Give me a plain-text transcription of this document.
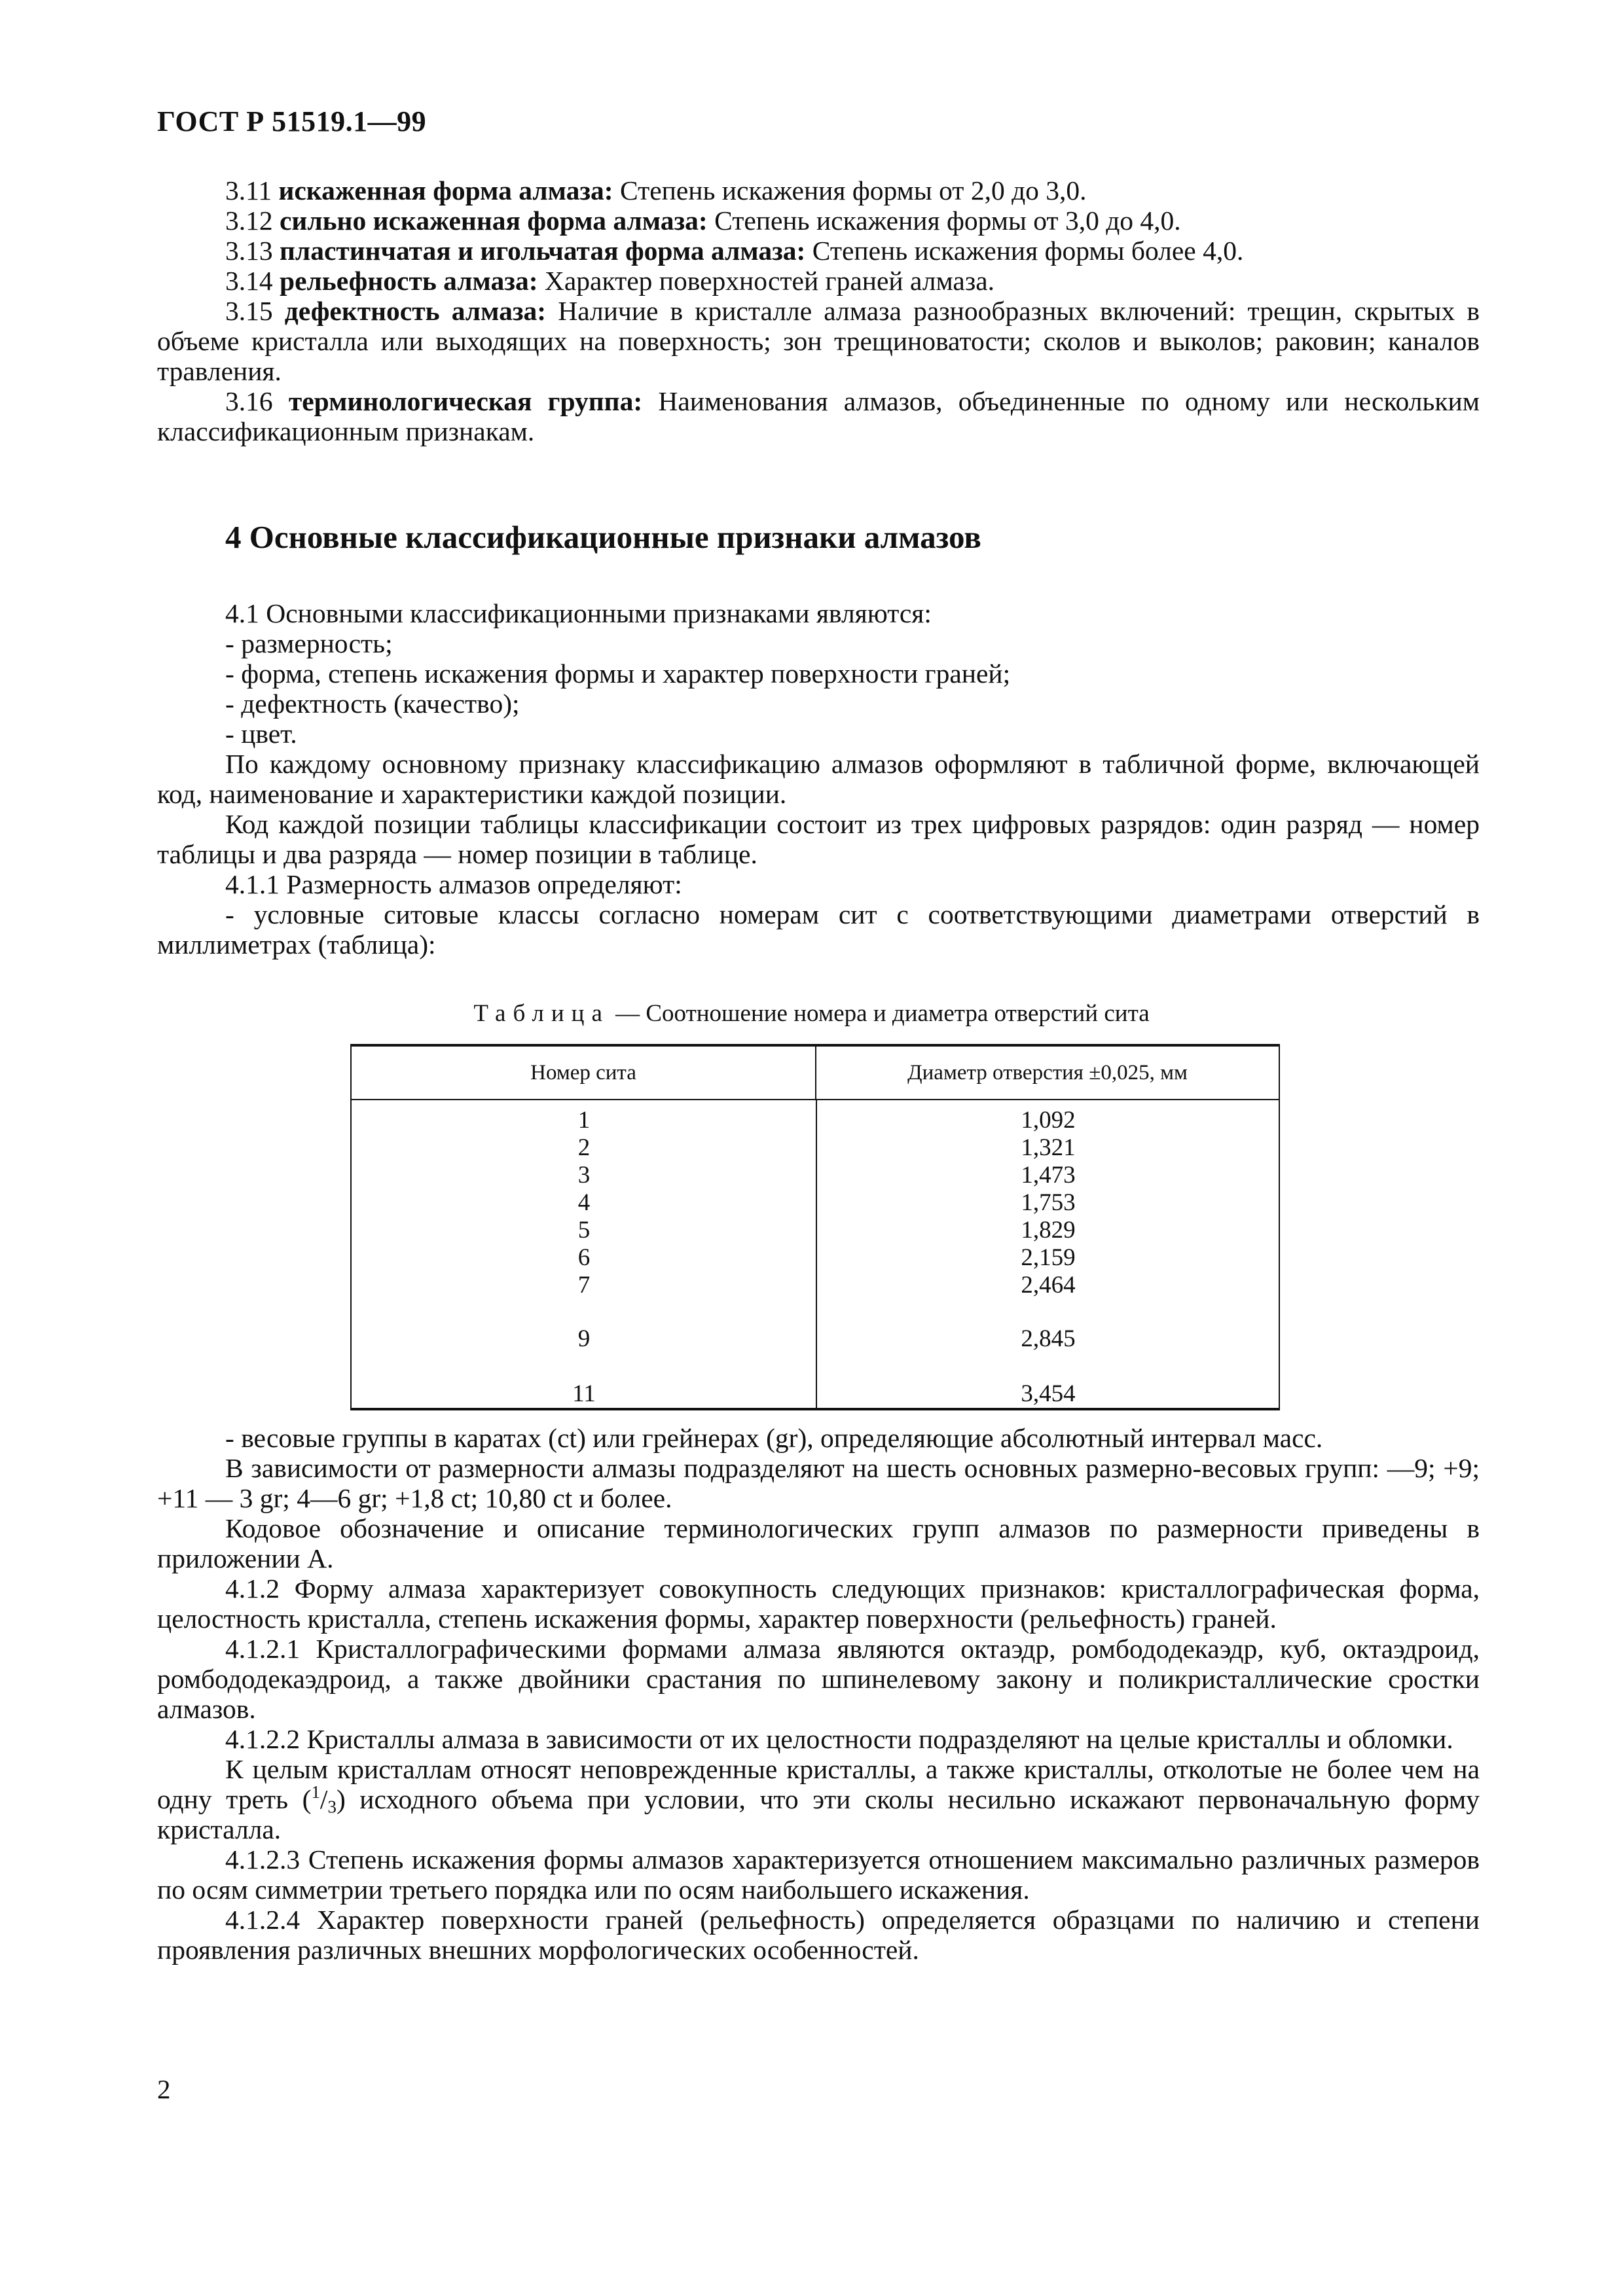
ГОСТ Р 51519.1—99

3.11 искаженная форма алмаза: Степень искажения формы от 2,0 до 3,0.

3.12 сильно искаженная форма алмаза: Степень искажения формы от 3,0 до 4,0.

3.13 пластинчатая и игольчатая форма алмаза: Степень искажения формы более 4,0.

3.14 рельефность алмаза: Характер поверхностей граней алмаза.

3.15 дефектность алмаза: Наличие в кристалле алмаза разнообразных включений: трещин, скрытых в объеме кристалла или выходящих на поверхность; зон трещиноватости; сколов и выколов; раковин; каналов травления.

3.16 терминологическая группа: Наименования алмазов, объединенные по одному или нескольким классификационным признакам.

4 Основные классификационные признаки алмазов

4.1 Основными классификационными признаками являются:

- размерность;

- форма, степень искажения формы и характер поверхности граней;

- дефектность (качество);

- цвет.

По каждому основному признаку классификацию алмазов оформляют в табличной форме, включающей код, наименование и характеристики каждой позиции.

Код каждой позиции таблицы классификации состоит из трех цифровых разрядов: один разряд — номер таблицы и два разряда — номер позиции в таблице.

4.1.1 Размерность алмазов определяют:

- условные ситовые классы согласно номерам сит с соответствующими диаметрами отверстий в миллиметрах (таблица):

Таблица — Соотношение номера и диаметра отверстий сита
Номер сита	Диаметр отверстия ±0,025, мм
1	1,092
2	1,321
3	1,473
4	1,753
5	1,829
6	2,159
7	2,464
9	2,845
11	3,454

- весовые группы в каратах (ct) или грейнерах (gr), определяющие абсолютный интервал масс.

В зависимости от размерности алмазы подразделяют на шесть основных размерно-весовых групп: —9; +9; +11 — 3 gr; 4—6 gr; +1,8 ct; 10,80 ct и более.

Кодовое обозначение и описание терминологических групп алмазов по размерности приведены в приложении А.

4.1.2 Форму алмаза характеризует совокупность следующих признаков: кристаллографическая форма, целостность кристалла, степень искажения формы, характер поверхности (рельефность) граней.

4.1.2.1 Кристаллографическими формами алмаза являются октаэдр, ромбододекаэдр, куб, октаэдроид, ромбододекаэдроид, а также двойники срастания по шпинелевому закону и поликристаллические сростки алмазов.

4.1.2.2 Кристаллы алмаза в зависимости от их целостности подразделяют на целые кристаллы и обломки.

К целым кристаллам относят неповрежденные кристаллы, а также кристаллы, отколотые не более чем на одну треть $(^1/_3)$ исходного объема при условии, что эти сколы несильно искажают первоначальную форму кристалла.

4.1.2.3 Степень искажения формы алмазов характеризуется отношением максимально различных размеров по осям симметрии третьего порядка или по осям наибольшего искажения.

4.1.2.4 Характер поверхности граней (рельефность) определяется образцами по наличию и степени проявления различных внешних морфологических особенностей.

2
